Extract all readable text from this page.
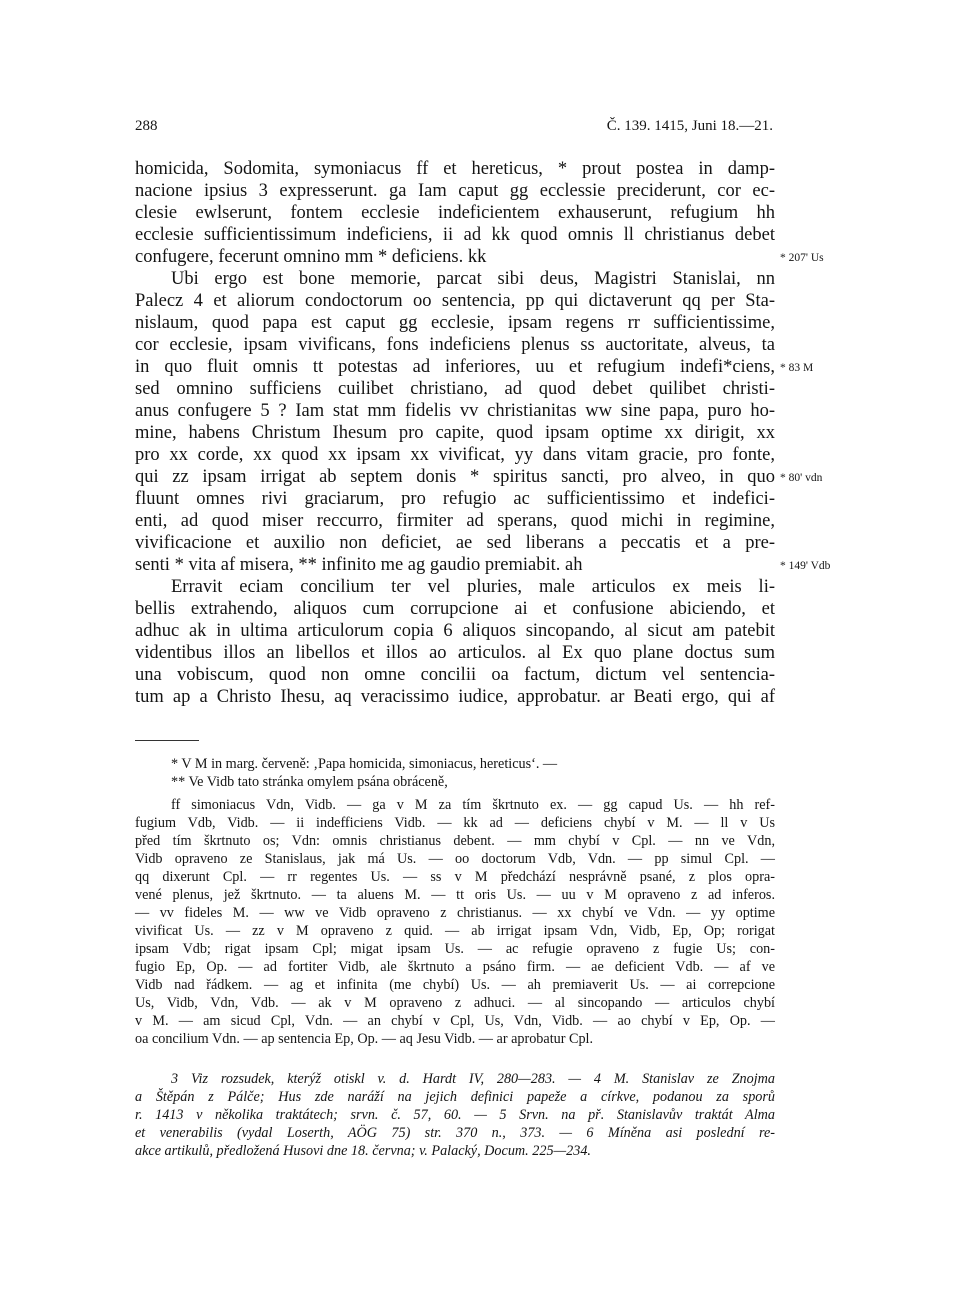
288	Č. 139. 1415, Juni 18.—21.
homicida, Sodomita, symoniacus ff et hereticus, * prout postea in damp-
nacione ipsius 3 expresserunt. ga Iam caput gg ecclessie preciderunt, cor ec-
clesie ewlserunt, fontem ecclesie indeficientem exhauserunt, refugium hh
ecclesie sufficientissimum indeficiens, ii ad kk quod omnis ll christianus debet
confugere, fecerunt omnino mm * deficiens. kk
Ubi ergo est bone memorie, parcat sibi deus, Magistri Stanislai, nn
Palecz 4 et aliorum condoctorum oo sentencia, pp qui dictaverunt qq per Sta-
nislaum, quod papa est caput gg ecclesie, ipsam regens rr sufficientissime,
cor ecclesie, ipsam vivificans, fons indeficiens plenus ss auctoritate, alveus, ta
in quo fluit omnis tt potestas ad inferiores, uu et refugium indefi*ciens,
sed omnino sufficiens cuilibet christiano, ad quod debet quilibet christi-
anus confugere 5 ? Iam stat mm fidelis vv christianitas ww sine papa, puro ho-
mine, habens Christum Ihesum pro capite, quod ipsam optime xx dirigit, xx
pro xx corde, xx quod xx ipsam xx vivificat, yy dans vitam gracie, pro fonte,
qui zz ipsam irrigat ab septem donis * spiritus sancti, pro alveo, in quo
fluunt omnes rivi graciarum, pro refugio ac sufficientissimo et indefici-
enti, ad quod miser reccurro, firmiter ad sperans, quod michi in regimine,
vivificacione et auxilio non deficiet, ae sed liberans a peccatis et a pre-
senti * vita af misera, ** infinito me ag gaudio premiabit. ah
Erravit eciam concilium ter vel pluries, male articulos ex meis li-
bellis extrahendo, aliquos cum corrupcione ai et confusione abiciendo, et
adhuc ak in ultima articulorum copia 6 aliquos sincopando, al sicut am patebit
videntibus illos an libellos et illos ao articulos. al Ex quo plane doctus sum
una vobiscum, quod non omne concilii oa factum, dictum vel sentencia-
tum ap a Christo Ihesu, aq veracissimo iudice, approbatur. ar Beati ergo, qui af
* 207' Us
* 83 M
* 80' vdn
* 149' Vdb
* V M in marg. červeně: ‚Papa homicida, simoniacus, hereticus‘. —
** Ve Vidb tato stránka omylem psána obráceně,
ff simoniacus Vdn, Vidb. — ga v M za tím škrtnuto ex. — gg capud Us. — hh ref-
fugium Vdb, Vidb. — ii indefficiens Vidb. — kk ad — deficiens chybí v M. — ll v Us
před tím škrtnuto os; Vdn: omnis christianus debent. — mm chybí v Cpl. — nn ve Vdn,
Vidb opraveno ze Stanislaus, jak má Us. — oo doctorum Vdb, Vdn. — pp simul Cpl. —
qq dixerunt Cpl. — rr regentes Us. — ss v M předchází nesprávně psané, z plos opra-
vené plenus, jež škrtnuto. — ta aluens M. — tt oris Us. — uu v M opraveno z ad inferos.
— vv fideles M. — ww ve Vidb opraveno z christianus. — xx chybí ve Vdn. — yy optime
vivificat Us. — zz v M opraveno z quid. — ab irrigat ipsam Vdn, Vidb, Ep, Op; rorigat
ipsam Vdb; rigat ipsam Cpl; migat ipsam Us. — ac refugie opraveno z fugie Us; con-
fugio Ep, Op. — ad fortiter Vidb, ale škrtnuto a psáno firm. — ae deficient Vdb. — af ve
Vidb nad řádkem. — ag et infinita (me chybí) Us. — ah premiaverit Us. — ai correpcione
Us, Vidb, Vdn, Vdb. — ak v M opraveno z adhuci. — al sincopando — articulos chybí
v M. — am sicud Cpl, Vdn. — an chybí v Cpl, Us, Vdn, Vidb. — ao chybí v Ep, Op. —
oa concilium Vdn. — ap sentencia Ep, Op. — aq Jesu Vidb. — ar aprobatur Cpl.
3 Viz rozsudek, kterýž otiskl v. d. Hardt IV, 280—283. — 4 M. Stanislav ze Znojma
a Štěpán z Pálče; Hus zde naráží na jejich definici papeže a církve, podanou za sporů
r. 1413 v několika traktátech; srvn. č. 57, 60. — 5 Srvn. na př. Stanislavův traktát Alma
et venerabilis (vydal Loserth, AÖG 75) str. 370 n., 373. — 6 Míněna asi poslední re-
akce artikulů, předložená Husovi dne 18. června; v. Palacký, Docum. 225—234.
